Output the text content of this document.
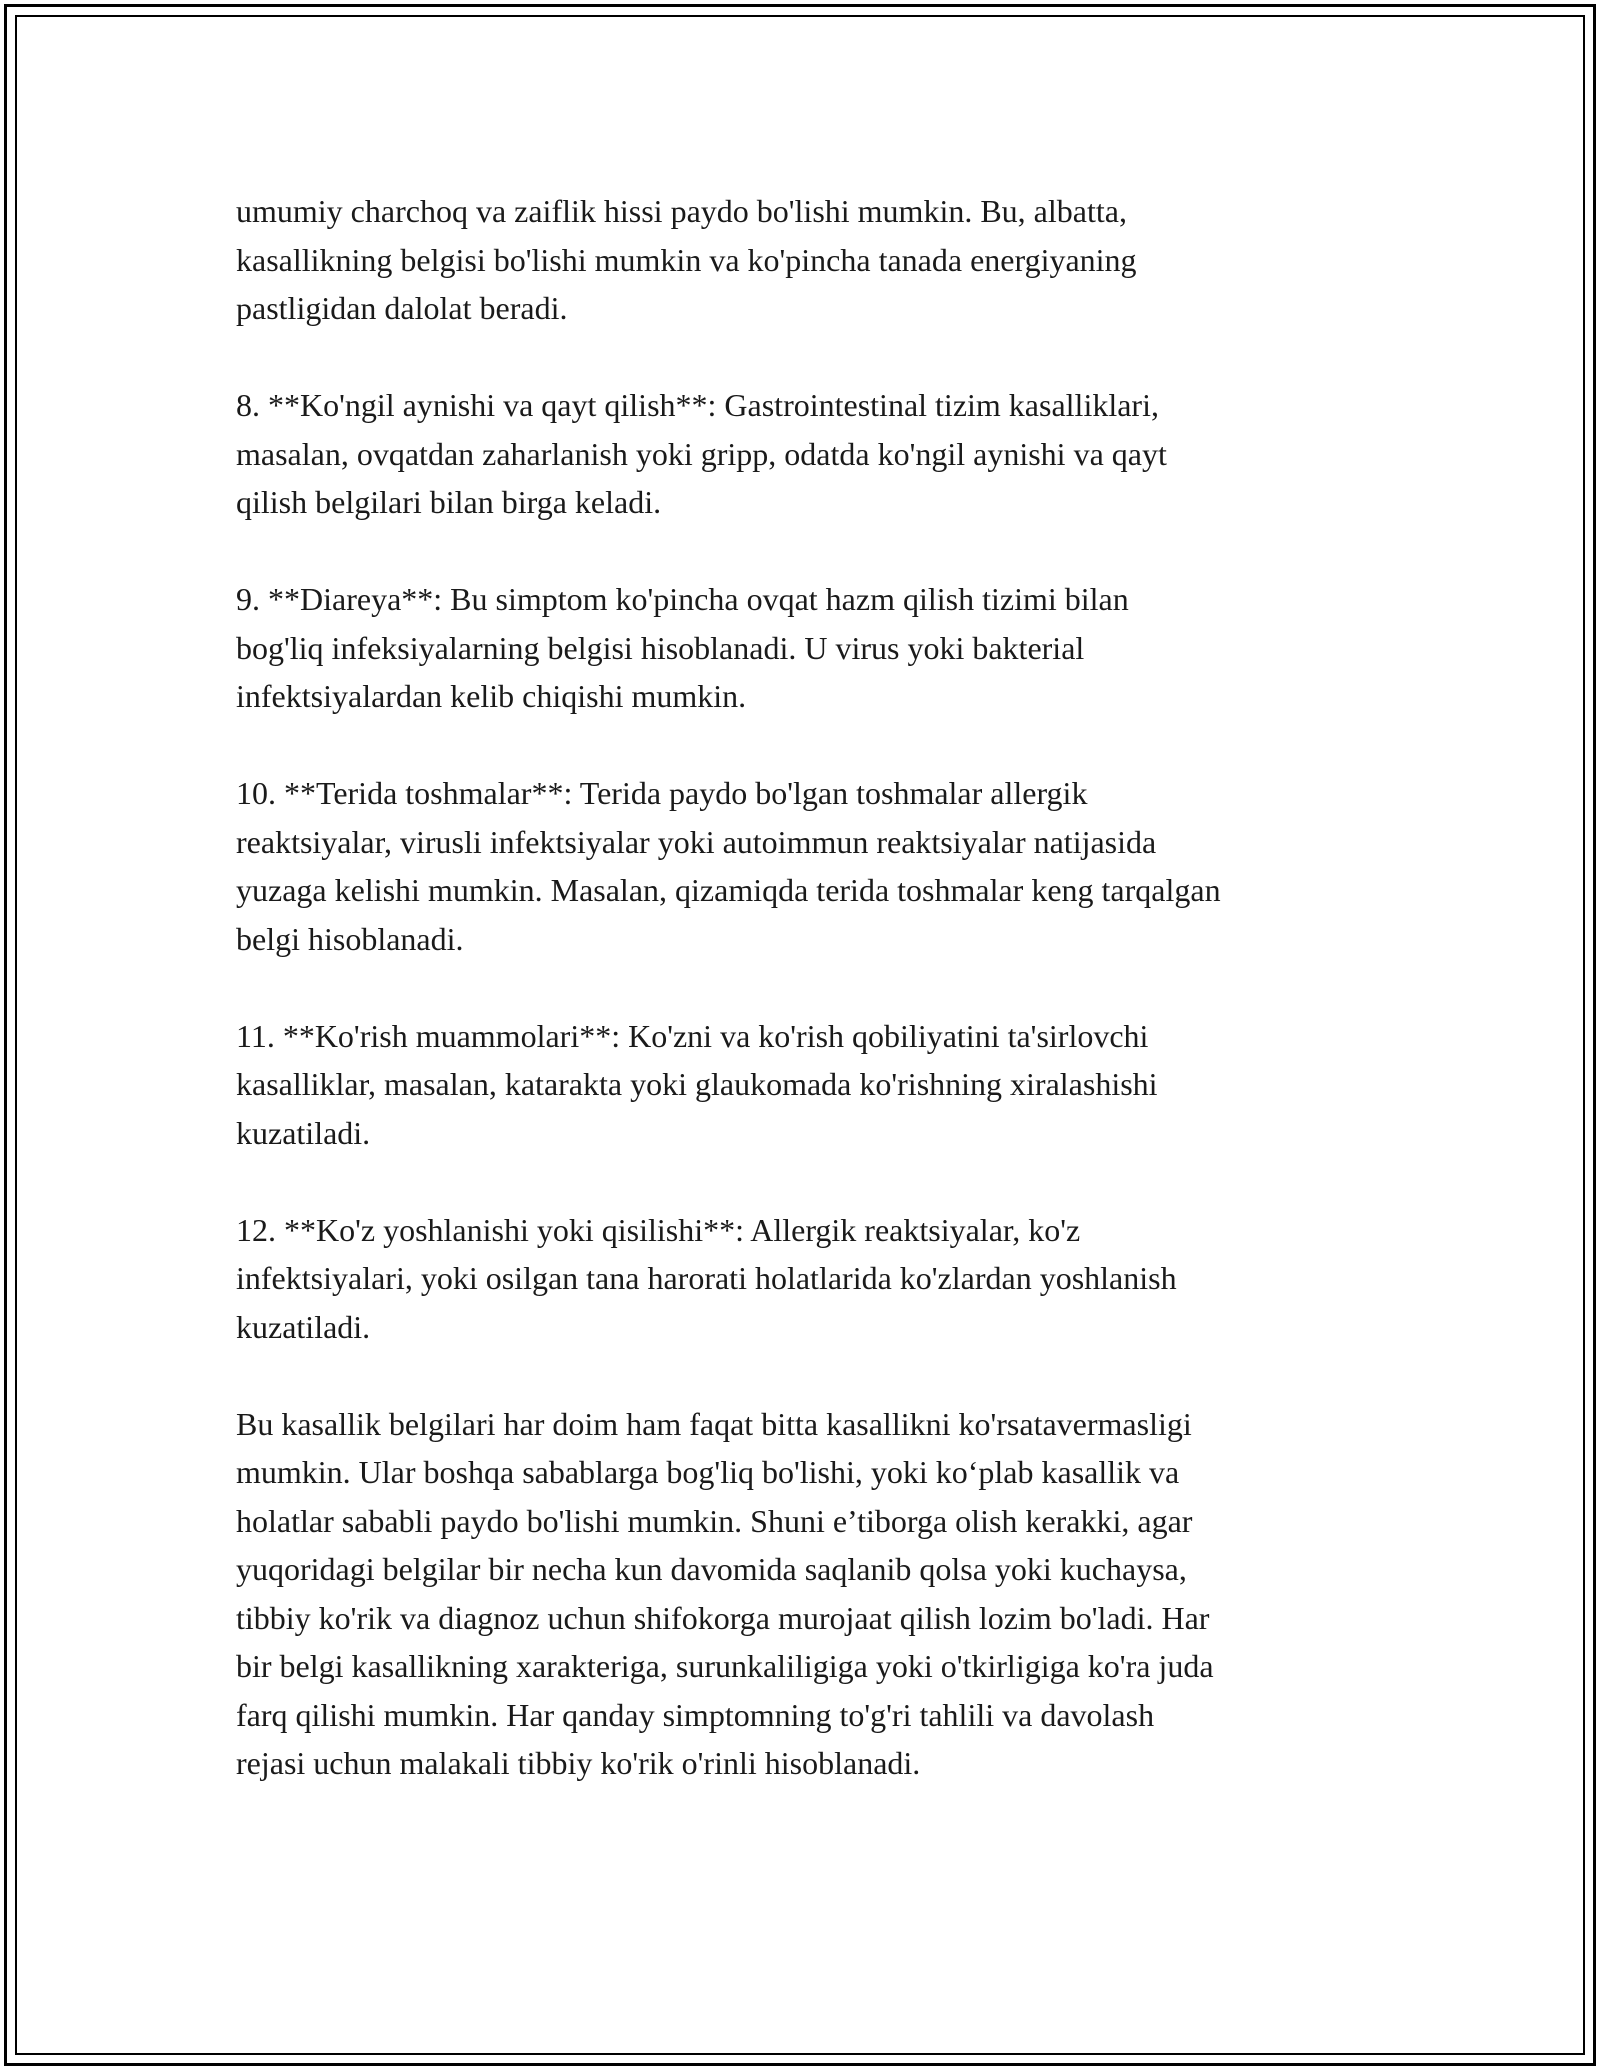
umumiy charchoq va zaiflik hissi paydo bo'lishi mumkin. Bu, albatta,
kasallikning belgisi bo'lishi mumkin va ko'pincha tanada energiyaning
pastligidan dalolat beradi.

8. **Ko'ngil aynishi va qayt qilish**: Gastrointestinal tizim kasalliklari,
masalan, ovqatdan zaharlanish yoki gripp, odatda ko'ngil aynishi va qayt
qilish belgilari bilan birga keladi.

9. **Diareya**: Bu simptom ko'pincha ovqat hazm qilish tizimi bilan
bog'liq infeksiyalarning belgisi hisoblanadi. U virus yoki bakterial
infektsiyalardan kelib chiqishi mumkin.

10. **Terida toshmalar**: Terida paydo bo'lgan toshmalar allergik
reaktsiyalar, virusli infektsiyalar yoki autoimmun reaktsiyalar natijasida
yuzaga kelishi mumkin. Masalan, qizamiqda terida toshmalar keng tarqalgan
belgi hisoblanadi.

11. **Ko'rish muammolari**: Ko'zni va ko'rish qobiliyatini ta'sirlovchi
kasalliklar, masalan, katarakta yoki glaukomada ko'rishning xiralashishi
kuzatiladi.

12. **Ko'z yoshlanishi yoki qisilishi**: Allergik reaktsiyalar, ko'z
infektsiyalari, yoki osilgan tana harorati holatlarida ko'zlardan yoshlanish
kuzatiladi.

Bu kasallik belgilari har doim ham faqat bitta kasallikni ko'rsatavermasligi
mumkin. Ular boshqa sabablarga bog'liq bo'lishi, yoki ko‘plab kasallik va
holatlar sababli paydo bo'lishi mumkin. Shuni e’tiborga olish kerakki, agar
yuqoridagi belgilar bir necha kun davomida saqlanib qolsa yoki kuchaysa,
tibbiy ko'rik va diagnoz uchun shifokorga murojaat qilish lozim bo'ladi. Har
bir belgi kasallikning xarakteriga, surunkaliligiga yoki o'tkirligiga ko'ra juda
farq qilishi mumkin. Har qanday simptomning to'g'ri tahlili va davolash
rejasi uchun malakali tibbiy ko'rik o'rinli hisoblanadi.
